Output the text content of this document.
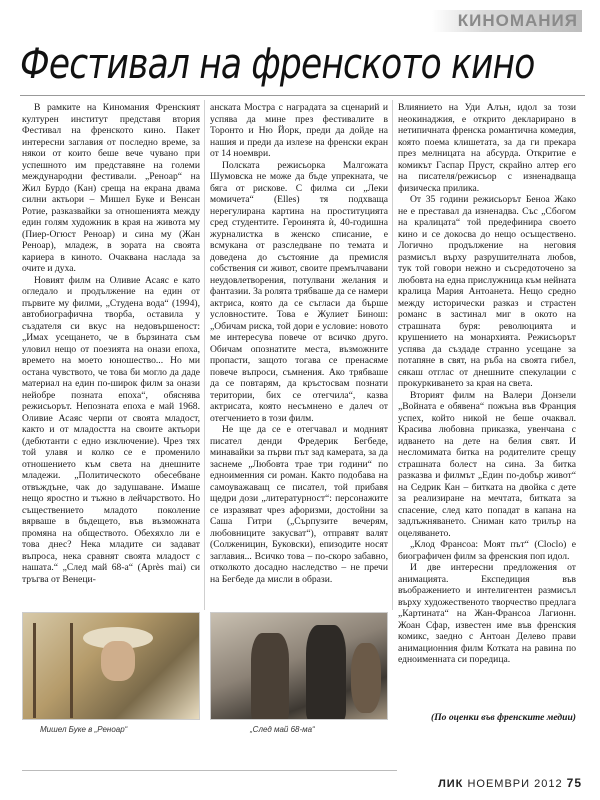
КИНОМАНИЯ
Фестивал на френското кино

В рамките на Киномания Френският културен институт представя втория Фестивал на френското кино. Пакет интересни заглавия от последно време, за някои от които беше вече чувано при успешното им представяне на големи международни фестивали. „Реноар“ на Жил Бурдо (Кан) среща на екрана двама силни актьори – Мишел Буке и Венсан Ротие, разказвайки за отношенията между един голям художник в края на живота му (Пиер-Огюст Реноар) и сина му (Жан Реноар), младеж, в зората на своята кариера в киното. Очаквана наслада за очите и духа.

Новият филм на Оливие Асаяс е като огледало и продължение на един от първите му филми, „Студена вода“ (1994), автобиографична творба, оставила у създателя си вкус на недовършеност: „Имах усещането, че в бързината съм уловил нещо от поезията на онази епоха, времето на моето юношество... Но ми остана чувството, че това би могло да даде материал на един по-широк филм за онази нейобре позната епоха“, обяснява режисьорът. Непозната епоха е май 1968. Оливие Асаяс черпи от своята младост, както и от младостта на своите актьори (дебютанти с едно изключение). Чрез тях той улавя и колко се е променило отношението към света на днешните младежи. „Политическото обесебване отвъждъне, чак до задушаване. Имаше нещо яростно и тъжно в лейчарството. Но съществението младото поколение вярваше в бъдещето, във възможната промяна на обществото. Обехяхло ли е това днес? Нека младите си задават въпроса, нека сравнят своята младост с нашата.“ „След май 68-а“ (Après mai) си тръгва от Венеци-

анската Мостра с наградата за сценарий и успява да мине през фестивалите в Торонто и Ню Йорк, преди да дойде на нашия и преди да излезе на френски екран от 14 ноември.

Полската режисьорка Малгожата Шумовска не може да бъде упрекната, че бяга от рискове. С филма си „Леки момичета“ (Elles) тя подхваща нерегулирана картина на проституцията сред студентите. Героинята ѝ, 40-годишна журналистка в женско списание, е всмукана от разследване по темата и доведена до състояние да премисля собствения си живот, своите премълчавани неудовлетворения, потулвани желания и фантазии. За ролята трябваше да се намери актриса, която да се съгласи да бърше условностите. Това е Жулиет Бинош: „Обичам риска, той дори е условие: новото ме интересува повече от всичко друго. Обичам опознатите места, възможните пропасти, защото тогава се пренасяме повече въпроси, съмнения. Ако трябваше да се повтарям, да кръстосвам познати територии, бих се отегчила“, казва актрисата, която несъмнено е далеч от отегчението в този филм.

Не ще да се е отегчавал и модният писател денди Фредерик Бегбеде, минавайки за първи път зад камерата, за да заснеме „Любовта трае три години“ по едноименния си роман. Както подобава на самоуважаващ се писател, той прибавя щедри дози „литературност“: персонажите се изразяват чрез афоризми, достойни за Саша Гитри („Сърпузите вечерям, любовниците закусват“), отправят валят (Солженицин, Буковски), епизодите носят заглавия... Всичко това – по-скоро забавно, отколкото досадно наследство – не пречи на Бегбеде да мисли в образи.

Влиянието на Уди Алън, идол за този неокинаджия, е открито декларирано в нетипичната френска романтична комедия, която поема клишетата, за да ги прекара през мелницата на абсурда. Откритие е комикът Гаспар Пруст, скрайно алтер его на писателя/режисьор с изненадваща физическа прилика.

От 35 години режисьорът Беноа Жако не е преставал да изненадва. Със „Сбогом на кралицата“ той предефинира своето кино и се докосва до нещо осъществено. Логично продължение на неговия размисъл върху разрушителната любов, тук той говори нежно и съсредоточено за любовта на една прислужница към нейната кралица Мария Антоанета. Нещо средно между исторически разказ и страстен романс в застинал миг в окото на страшната буря: революцията и крушението на монархията. Режисьорът успява да създаде странно усещане за потапяне в свят, на ръба на своята гибел, сякаш отглас от днешните спекулации с прокуркиването за края на света.

Вторият филм на Валери Донзели „Войната е обявена“ пожъна във Франция успех, който никой не беше очаквал. Красива любовна приказка, увенчана с идването на дете на белия свят. И несломимата битка на родителите срещу страшната болест на сина. За битка разказва и филмът „Един по-добър живот“ на Седрик Кан – битката на двойка с дете за реализиране на мечтата, битката за спасение, след като попадат в капана на задлъжняването. Сниман като трилър на оцеляването.

„Клод Франсоа: Моят път“ (Cloclo) е биографичен филм за френския поп идол.

И две интересни предложения от анимацията. Експедиция във въображението и интелигентен размисъл върху художественото творчество предлага „Картината“ на Жан-Франсоа Лагионн. Жоан Сфар, известен име във френския комикс, заедно с Антоан Делево прави анимационния филм Котката на равина по едноименната си поредица.

Мишел Буке в „Реноар“	„След май 68-ма“
(По оценки във френските медии)
ЛИК НОЕМВРИ 2012 75
